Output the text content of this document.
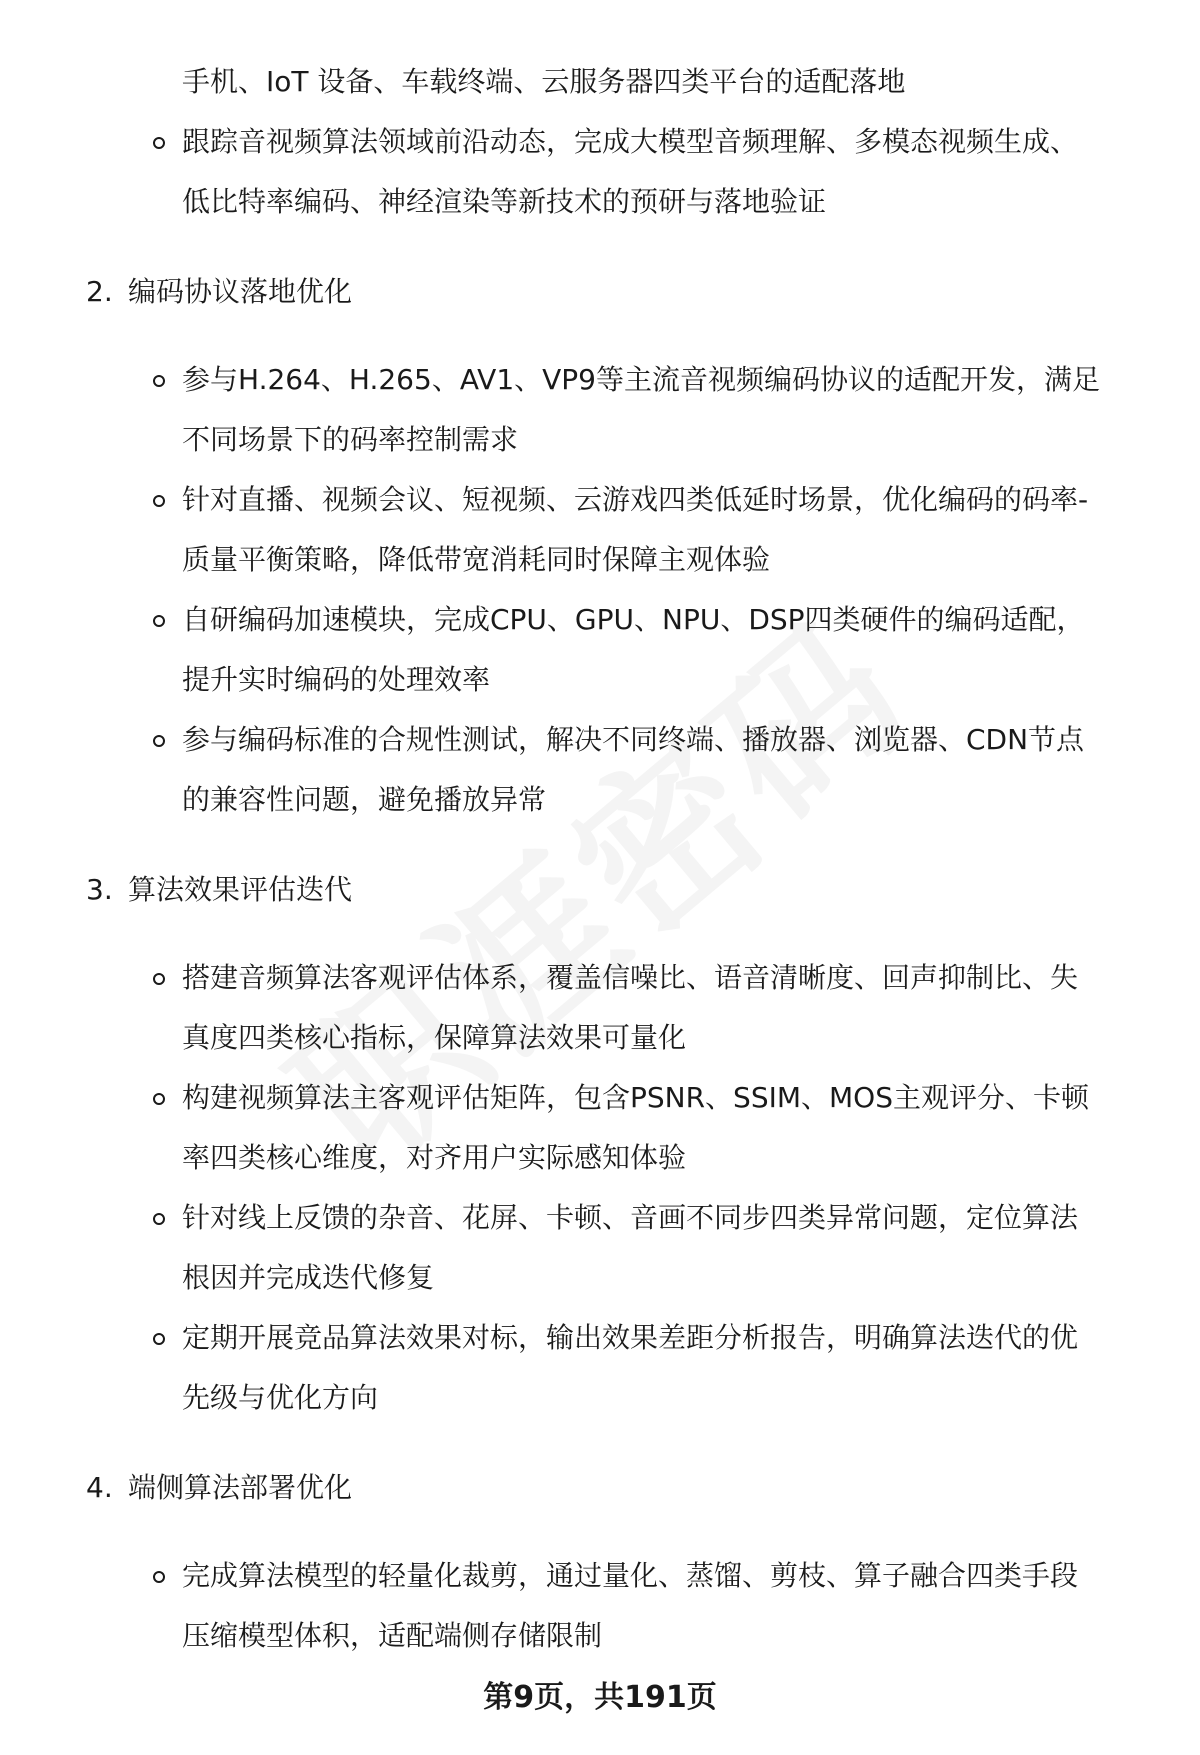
手机、IoT 设备、车载终端、云服务器四类平台的适配落地
跟踪音视频算法领域前沿动态，完成大模型音频理解、多模态视频生成、
低比特率编码、神经渲染等新技术的预研与落地验证
2. 编码协议落地优化
参与H.264、H.265、AV1、VP9等主流音视频编码协议的适配开发，满足
不同场景下的码率控制需求
针对直播、视频会议、短视频、云游戏四类低延时场景，优化编码的码率-
质量平衡策略，降低带宽消耗同时保障主观体验
自研编码加速模块，完成CPU、GPU、NPU、DSP四类硬件的编码适配，
提升实时编码的处理效率
参与编码标准的合规性测试，解决不同终端、播放器、浏览器、CDN节点
的兼容性问题，避免播放异常
3. 算法效果评估迭代
搭建音频算法客观评估体系，覆盖信噪比、语音清晰度、回声抑制比、失
真度四类核心指标，保障算法效果可量化
构建视频算法主客观评估矩阵，包含PSNR、SSIM、MOS主观评分、卡顿
率四类核心维度，对齐用户实际感知体验
针对线上反馈的杂音、花屏、卡顿、音画不同步四类异常问题，定位算法
根因并完成迭代修复
定期开展竞品算法效果对标，输出效果差距分析报告，明确算法迭代的优
先级与优化方向
4. 端侧算法部署优化
完成算法模型的轻量化裁剪，通过量化、蒸馏、剪枝、算子融合四类手段
压缩模型体积，适配端侧存储限制
第9页，共191页
